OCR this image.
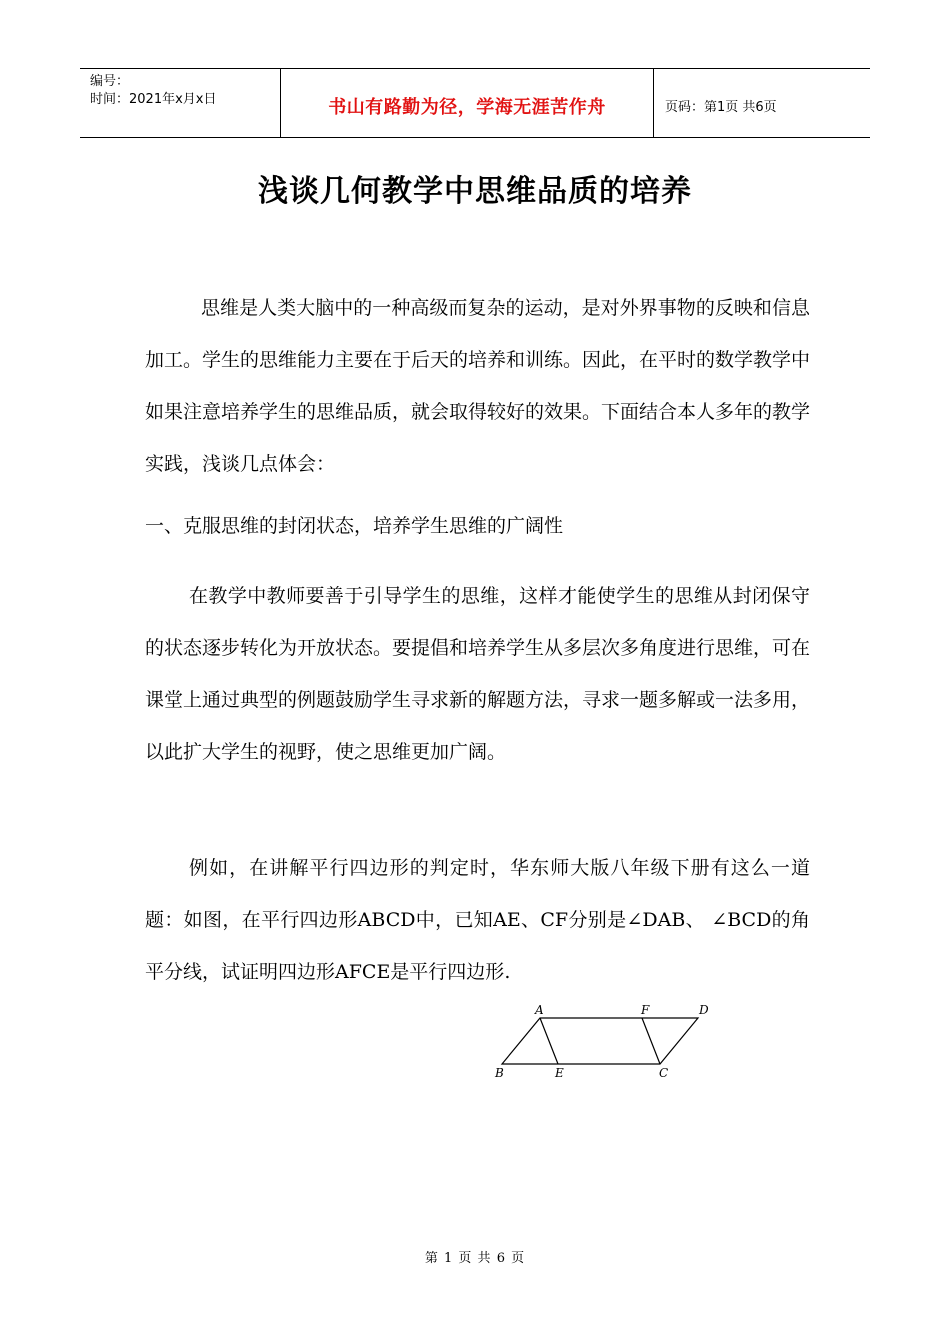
编号：
时间：2021年x月x日	书山有路勤为径，学海无涯苦作舟	页码：第1页 共6页
浅谈几何教学中思维品质的培养

思维是人类大脑中的一种高级而复杂的运动，是对外界事物的反映和信息加工。学生的思维能力主要在于后天的培养和训练。因此，在平时的数学教学中如果注意培养学生的思维品质，就会取得较好的效果。下面结合本人多年的教学实践，浅谈几点体会：

一、克服思维的封闭状态，培养学生思维的广阔性

在教学中教师要善于引导学生的思维，这样才能使学生的思维从封闭保守的状态逐步转化为开放状态。要提倡和培养学生从多层次多角度进行思维，可在课堂上通过典型的例题鼓励学生寻求新的解题方法，寻求一题多解或一法多用，以此扩大学生的视野，使之思维更加广阔。

例如，在讲解平行四边形的判定时，华东师大版八年级下册有这么一道题：如图，在平行四边形ABCD中，已知AE、CF分别是∠DAB、 ∠BCD的角平分线，试证明四边形AFCE是平行四边形.

A	F	D
B	E	C
第 1 页 共 6 页
